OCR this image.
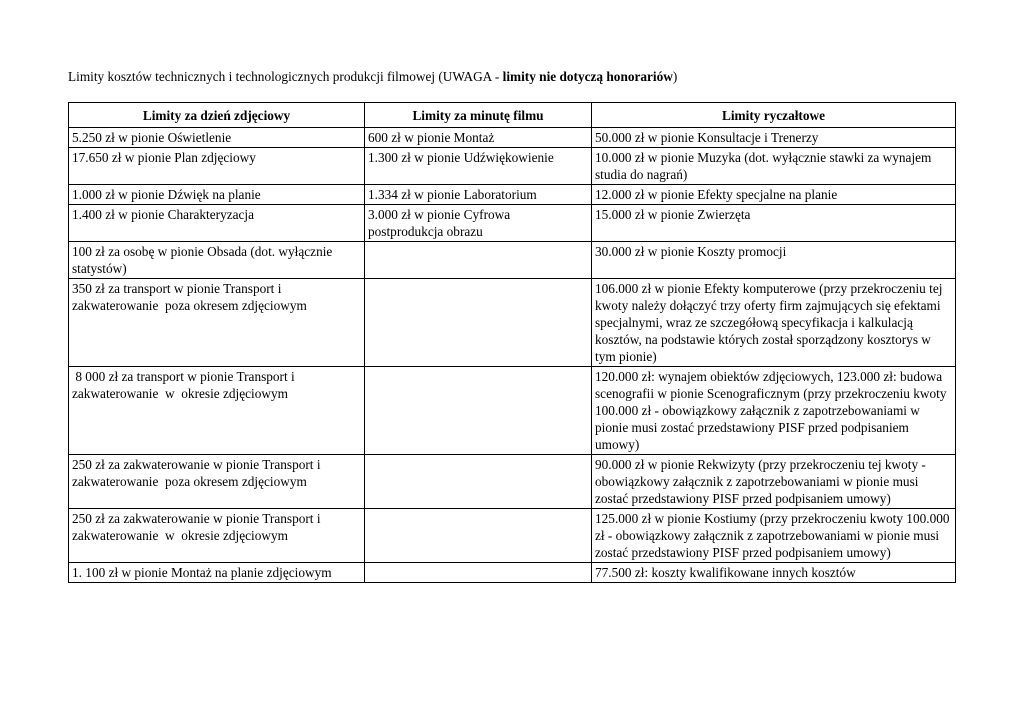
Limity kosztów technicznych i technologicznych produkcji filmowej (UWAGA - limity nie dotyczą honorariów)
Limity za dzień zdjęciowy	Limity za minutę filmu	Limity ryczałtowe
5.250 zł w pionie Oświetlenie	600 zł w pionie Montaż	50.000 zł w pionie Konsultacje i Trenerzy
17.650 zł w pionie Plan zdjęciowy	1.300 zł w pionie Udźwiękowienie	10.000 zł w pionie Muzyka (dot. wyłącznie stawki za wynajem studia do nagrań)
1.000 zł w pionie Dźwięk na planie	1.334 zł w pionie Laboratorium	12.000 zł w pionie Efekty specjalne na planie
1.400 zł w pionie Charakteryzacja	3.000 zł w pionie Cyfrowa postprodukcja obrazu	15.000 zł w pionie Zwierzęta
100 zł za osobę w pionie Obsada (dot. wyłącznie statystów)		30.000 zł w pionie Koszty promocji
350 zł za transport w pionie Transport i zakwaterowanie  poza okresem zdjęciowym		106.000 zł w pionie Efekty komputerowe (przy przekroczeniu tej kwoty należy dołączyć trzy oferty firm zajmujących się efektami specjalnymi, wraz ze szczegółową specyfikacja i kalkulacją kosztów, na podstawie których został sporządzony kosztorys w tym pionie)
8 000 zł za transport w pionie Transport i zakwaterowanie  w  okresie zdjęciowym		120.000 zł: wynajem obiektów zdjęciowych, 123.000 zł: budowa scenografii w pionie Scenograficznym (przy przekroczeniu kwoty 100.000 zł - obowiązkowy załącznik z zapotrzebowaniami w pionie musi zostać przedstawiony PISF przed podpisaniem umowy)
250 zł za zakwaterowanie w pionie Transport i zakwaterowanie  poza okresem zdjęciowym		90.000 zł w pionie Rekwizyty (przy przekroczeniu tej kwoty - obowiązkowy załącznik z zapotrzebowaniami w pionie musi zostać przedstawiony PISF przed podpisaniem umowy)
250 zł za zakwaterowanie w pionie Transport i zakwaterowanie  w  okresie zdjęciowym		125.000 zł w pionie Kostiumy (przy przekroczeniu kwoty 100.000 zł - obowiązkowy załącznik z zapotrzebowaniami w pionie musi zostać przedstawiony PISF przed podpisaniem umowy)
1. 100 zł w pionie Montaż na planie zdjęciowym		77.500 zł: koszty kwalifikowane innych kosztów
